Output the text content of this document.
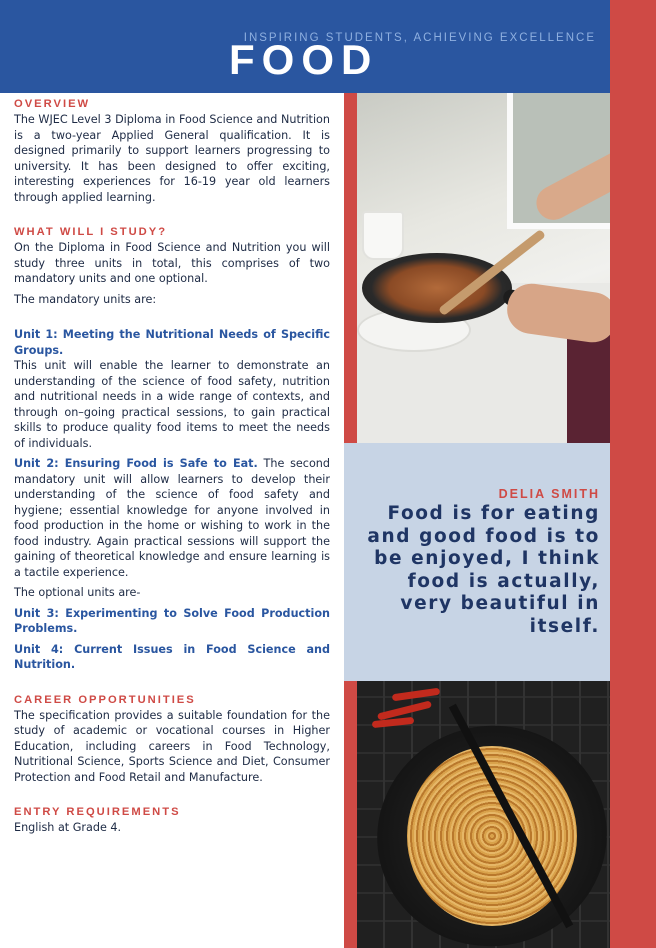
INSPIRING STUDENTS, ACHIEVING EXCELLENCE
FOOD
DELIA SMITH
Food is for eating and good food is to be enjoyed, I think food is actually, very beautiful in itself.
OVERVIEW

The WJEC Level 3 Diploma in Food Science and Nutrition is a two-year Applied General qualification. It is designed primarily to support learners progressing to university. It has been designed to offer exciting, interesting experiences for 16-19 year old learners through applied learning.

WHAT WILL I STUDY?

On the Diploma in Food Science and Nutrition you will study three units in total, this comprises of two mandatory units and one optional.

The mandatory units are:

Unit 1: Meeting the Nutritional Needs of Specific Groups.

This unit will enable the learner to demonstrate an understanding of the science of food safety, nutrition and nutritional needs in a wide range of contexts, and through on–going practical sessions, to gain practical skills to produce quality food items to meet the needs of individuals.

Unit 2: Ensuring Food is Safe to Eat. The second mandatory unit will allow learners to develop their understanding of the science of food safety and hygiene; essential knowledge for anyone involved in food production in the home or wishing to work in the food industry. Again practical sessions will support the gaining of theoretical knowledge and ensure learning is a tactile experience.

The optional units are-

Unit 3: Experimenting to Solve Food Production Problems.

Unit 4: Current Issues in Food Science and Nutrition.

CAREER OPPORTUNITIES

The specification provides a suitable foundation for the study of academic or vocational courses in Higher Education, including careers in Food Technology, Nutritional Science, Sports Science and Diet, Consumer Protection and Food Retail and Manufacture.

ENTRY REQUIREMENTS

English at Grade 4.
